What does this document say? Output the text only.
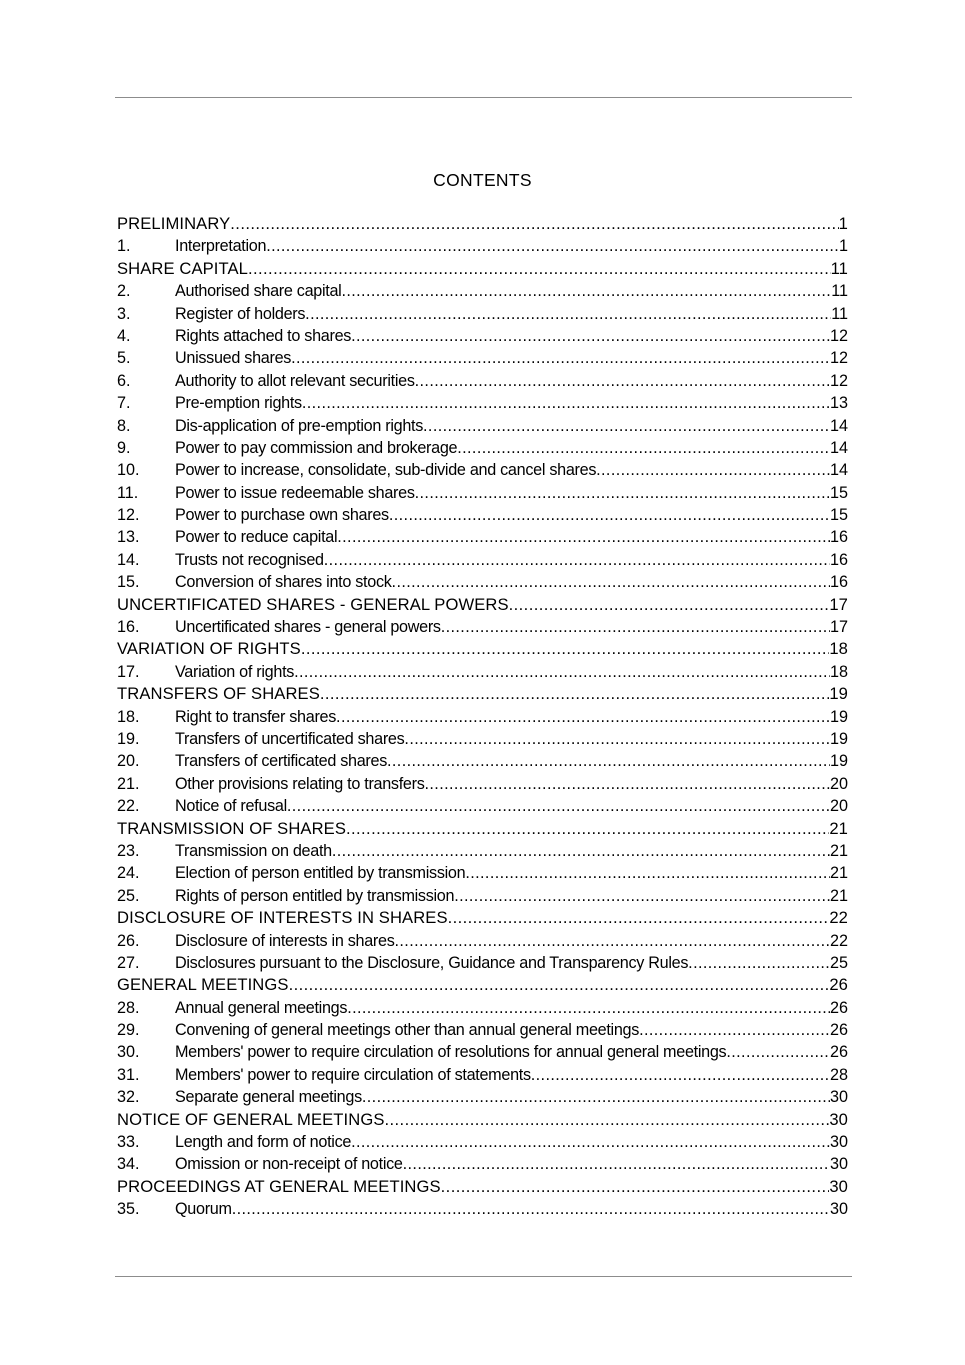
CONTENTS
PRELIMINARY .....	1
1.	Interpretation .....	1
SHARE CAPITAL .....	11
2.	Authorised share capital .....	11
3.	Register of holders .....	11
4.	Rights attached to shares .....	12
5.	Unissued shares .....	12
6.	Authority to allot relevant securities .....	12
7.	Pre-emption rights .....	13
8.	Dis-application of pre-emption rights .....	14
9.	Power to pay commission and brokerage .....	14
10.	Power to increase, consolidate, sub-divide and cancel shares .....	14
11.	Power to issue redeemable shares .....	15
12.	Power to purchase own shares .....	15
13.	Power to reduce capital .....	16
14.	Trusts not recognised .....	16
15.	Conversion of shares into stock .....	16
UNCERTIFICATED SHARES - GENERAL POWERS .....	17
16.	Uncertificated shares - general powers .....	17
VARIATION OF RIGHTS .....	18
17.	Variation of rights .....	18
TRANSFERS OF SHARES .....	19
18.	Right to transfer shares .....	19
19.	Transfers of uncertificated shares .....	19
20.	Transfers of certificated shares .....	19
21.	Other provisions relating to transfers .....	20
22.	Notice of refusal .....	20
TRANSMISSION OF SHARES .....	21
23.	Transmission on death .....	21
24.	Election of person entitled by transmission .....	21
25.	Rights of person entitled by transmission .....	21
DISCLOSURE OF INTERESTS IN SHARES .....	22
26.	Disclosure of interests in shares .....	22
27.	Disclosures pursuant to the Disclosure, Guidance and Transparency Rules .....	25
GENERAL MEETINGS .....	26
28.	Annual general meetings .....	26
29.	Convening of general meetings other than annual general meetings .....	26
30.	Members' power to require circulation of resolutions for annual general meetings .....	26
31.	Members' power to require circulation of statements .....	28
32.	Separate general meetings .....	30
NOTICE OF GENERAL MEETINGS .....	30
33.	Length and form of notice .....	30
34.	Omission or non-receipt of notice .....	30
PROCEEDINGS AT GENERAL MEETINGS .....	30
35.	Quorum .....	30
